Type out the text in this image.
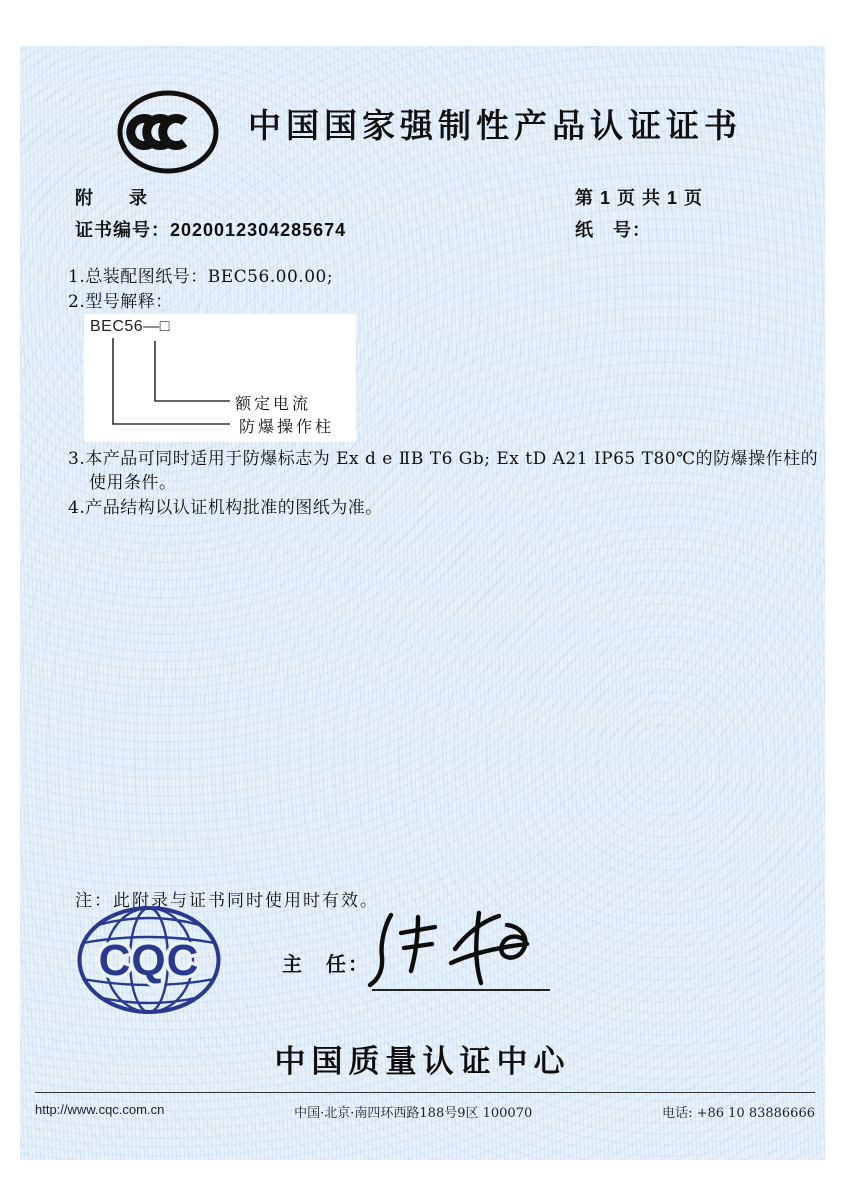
中国国家强制性产品认证证书
附　　录	第 1 页 共 1 页
证书编号：2020012304285674	纸　号：
1.总装配图纸号：BEC56.00.00;
2.型号解释：
BEC56—□
额定电流
防爆操作柱
3.本产品可同时适用于防爆标志为 Ex d e ⅡB T6 Gb; Ex tD A21 IP65 T80℃的防爆操作柱的使用条件。
4.产品结构以认证机构批准的图纸为准。
注：此附录与证书同时使用时有效。
CQC	主　任：
中国质量认证中心
http://www.cqc.com.cn	中国·北京·南四环西路188号9区 100070	电话: +86 10 83886666
